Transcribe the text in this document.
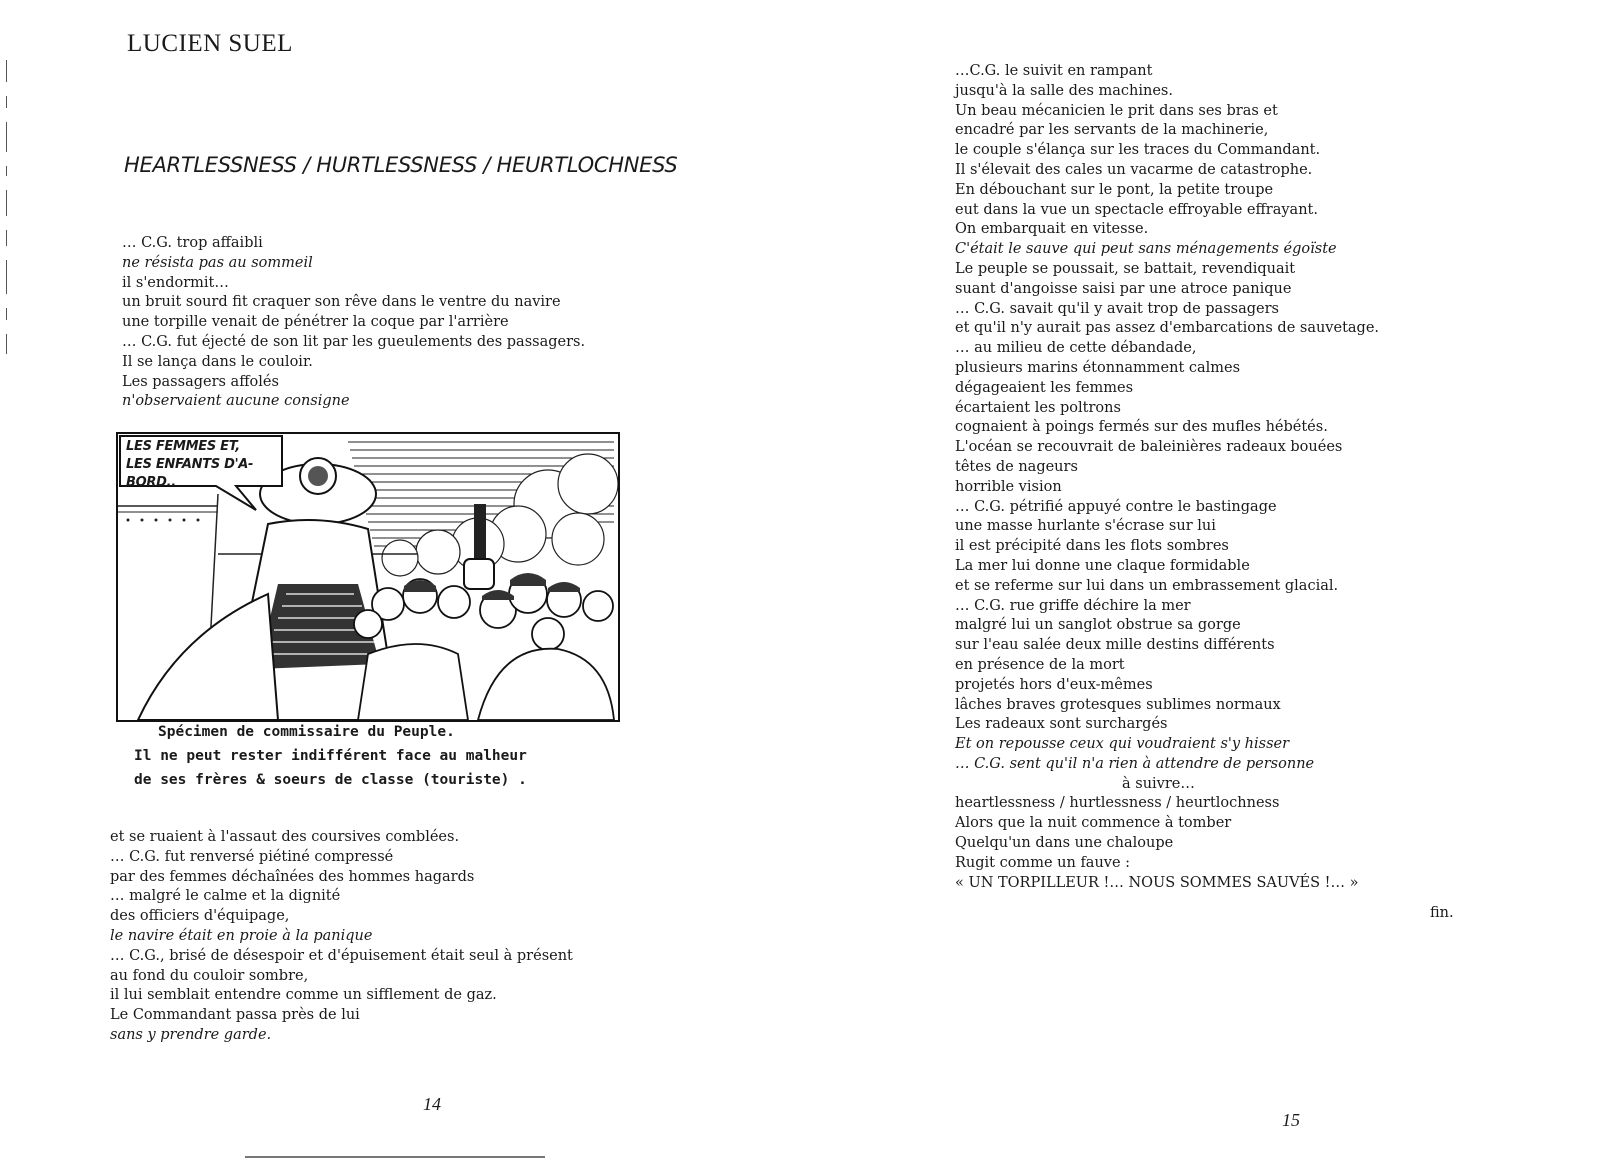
LUCIEN SUEL
HEARTLESSNESS / HURTLESSNESS / HEURTLOCHNESS
… C.G. trop affaibli
ne résista pas au sommeil
il s'endormit…
un bruit sourd fit craquer son rêve dans le ventre du navire
une torpille venait de pénétrer la coque par l'arrière
… C.G. fut éjecté de son lit par les gueulements des passagers.
Il se lança dans le couloir.
Les passagers affolés
n'observaient aucune consigne
LES FEMMES ET,
LES ENFANTS D'A-
BORD..
Spécimen de commissaire du Peuple.
Il ne peut rester indifférent face au malheur
de ses frères & soeurs de classe (touriste) .
et se ruaient à l'assaut des coursives comblées.
… C.G. fut renversé piétiné compressé
par des femmes déchaînées des hommes hagards
… malgré le calme et la dignité
des officiers d'équipage,
le navire était en proie à la panique
… C.G., brisé de désespoir et d'épuisement était seul à présent
au fond du couloir sombre,
il lui semblait entendre comme un sifflement de gaz.
Le Commandant passa près de lui
sans y prendre garde.
14
…C.G. le suivit en rampant
jusqu'à la salle des machines.
Un beau mécanicien le prit dans ses bras et
encadré par les servants de la machinerie,
le couple s'élança sur les traces du Commandant.
Il s'élevait des cales un vacarme de catastrophe.
En débouchant sur le pont, la petite troupe
eut dans la vue un spectacle effroyable effrayant.
On embarquait en vitesse.
C'était le sauve qui peut sans ménagements égoïste
Le peuple se poussait, se battait, revendiquait
suant d'angoisse saisi par une atroce panique
… C.G. savait qu'il y avait trop de passagers
et qu'il n'y aurait pas assez d'embarcations de sauvetage.
… au milieu de cette débandade,
plusieurs marins étonnamment calmes
dégageaient les femmes
écartaient les poltrons
cognaient à poings fermés sur des mufles hébétés.
L'océan se recouvrait de baleinières radeaux bouées
têtes de nageurs
horrible vision
… C.G. pétrifié appuyé contre le bastingage
une masse hurlante s'écrase sur lui
il est précipité dans les flots sombres
La mer lui donne une claque formidable
et se referme sur lui dans un embrassement glacial.
… C.G. rue griffe déchire la mer
malgré lui un sanglot obstrue sa gorge
sur l'eau salée deux mille destins différents
en présence de la mort
projetés hors d'eux-mêmes
lâches braves grotesques sublimes normaux
Les radeaux sont surchargés
Et on repousse ceux qui voudraient s'y hisser
… C.G. sent qu'il n'a rien à attendre de personne
à suivre…
heartlessness / hurtlessness / heurtlochness
Alors que la nuit commence à tomber
Quelqu'un dans une chaloupe
Rugit comme un fauve :
« UN TORPILLEUR !… NOUS SOMMES SAUVÉS !… »
fin.
15
